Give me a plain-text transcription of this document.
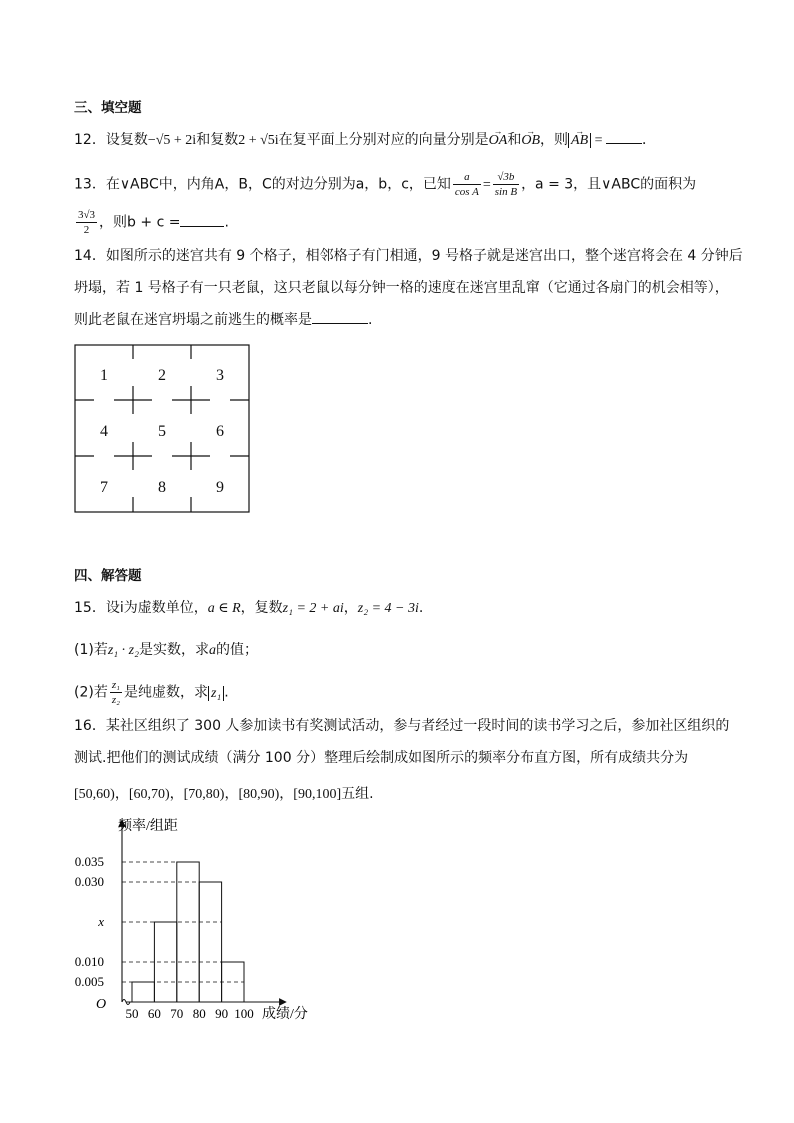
三、填空题
12．设复数−√5 + 2i和复数2 + √5i在复平面上分别对应的向量分别是→ OA和→ OB，则→ AB =	．
13．在∨ABC中，内角A，B，C的对边分别为a，b，c，已知 $\frac{a}{\text{cos A}} = \frac{√3b}{\text{sin B}}$ ，a = 3，且∨ABC的面积为
$\frac{3√3}{2}$ ，则b + c =	.
14．如图所示的迷宫共有 9 个格子，相邻格子有门相通，9 号格子就是迷宫出口，整个迷宫将会在 4 分钟后
坍塌，若 1 号格子有一只老鼠，这只老鼠以每分钟一格的速度在迷宫里乱窜（它通过各扇门的机会相等），
则此老鼠在迷宫坍塌之前逃生的概率是	.
1	2	3
4	5	6
7	8	9
四、解答题
15．设i为虚数单位，a ∈ R，复数z₁ = 2 + ai，z₂ = 4 − 3i.
(1)若z₁ · z₂是实数，求a的值；
(2)若 $\frac{\text{z₁}}{\text{z₂}}$ 是纯虚数，求 z₁ .
16．某社区组织了 300 人参加读书有奖测试活动，参与者经过一段时间的读书学习之后，参加社区组织的
测试.把他们的测试成绩（满分 100 分）整理后绘制成如图所示的频率分布直方图，所有成绩共分为
[50,60)，[60,70)，[70,80)，[80,90)，[90,100]五组.
O
频率/组距
成绩/分
0.005
0.010
x
0.030
0.035
50 60 70 80 90 100
